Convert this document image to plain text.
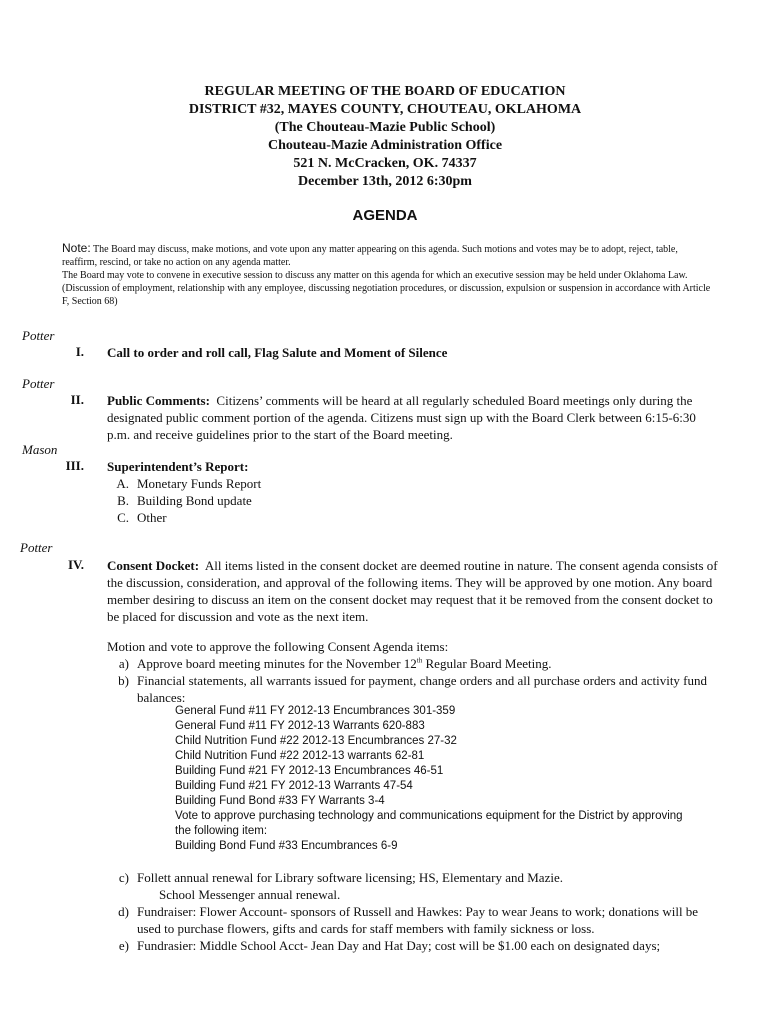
REGULAR MEETING OF THE BOARD OF EDUCATION
DISTRICT #32, MAYES COUNTY, CHOUTEAU, OKLAHOMA
(The Chouteau-Mazie Public School)
Chouteau-Mazie Administration Office
521 N. McCracken, OK. 74337
December 13th, 2012 6:30pm
AGENDA
Note: The Board may discuss, make motions, and vote upon any matter appearing on this agenda. Such motions and votes may be to adopt, reject, table, reaffirm, rescind, or take no action on any agenda matter.
The Board may vote to convene in executive session to discuss any matter on this agenda for which an executive session may be held under Oklahoma Law. (Discussion of employment, relationship with any employee, discussing negotiation procedures, or discussion, expulsion or suspension in accordance with Article F, Section 68)
Potter
I. Call to order and roll call, Flag Salute and Moment of Silence
Potter
II. Public Comments: Citizens’ comments will be heard at all regularly scheduled Board meetings only during the designated public comment portion of the agenda. Citizens must sign up with the Board Clerk between 6:15-6:30 p.m. and receive guidelines prior to the start of the Board meeting.
Mason
III. Superintendent’s Report:
A. Monetary Funds Report
B. Building Bond update
C. Other
Potter
IV. Consent Docket: All items listed in the consent docket are deemed routine in nature. The consent agenda consists of the discussion, consideration, and approval of the following items. They will be approved by one motion. Any board member desiring to discuss an item on the consent docket may request that it be removed from the consent docket to be placed for discussion and vote as the next item.
Motion and vote to approve the following Consent Agenda items:
a) Approve board meeting minutes for the November 12th Regular Board Meeting.
b) Financial statements, all warrants issued for payment, change orders and all purchase orders and activity fund balances:
General Fund #11 FY 2012-13 Encumbrances 301-359
General Fund #11 FY 2012-13 Warrants 620-883
Child Nutrition Fund #22 2012-13 Encumbrances 27-32
Child Nutrition Fund #22 2012-13 warrants 62-81
Building Fund #21 FY 2012-13 Encumbrances 46-51
Building Fund #21 FY 2012-13 Warrants 47-54
Building Fund Bond #33 FY Warrants 3-4
Vote to approve purchasing technology and communications equipment for the District by approving the following item:
Building Bond Fund #33 Encumbrances 6-9
c) Follett annual renewal for Library software licensing; HS, Elementary and Mazie.
School Messenger annual renewal.
d) Fundraiser: Flower Account- sponsors of Russell and Hawkes: Pay to wear Jeans to work; donations will be used to purchase flowers, gifts and cards for staff members with family sickness or loss.
e) Fundrasier: Middle School Acct- Jean Day and Hat Day; cost will be $1.00 each on designated days;
